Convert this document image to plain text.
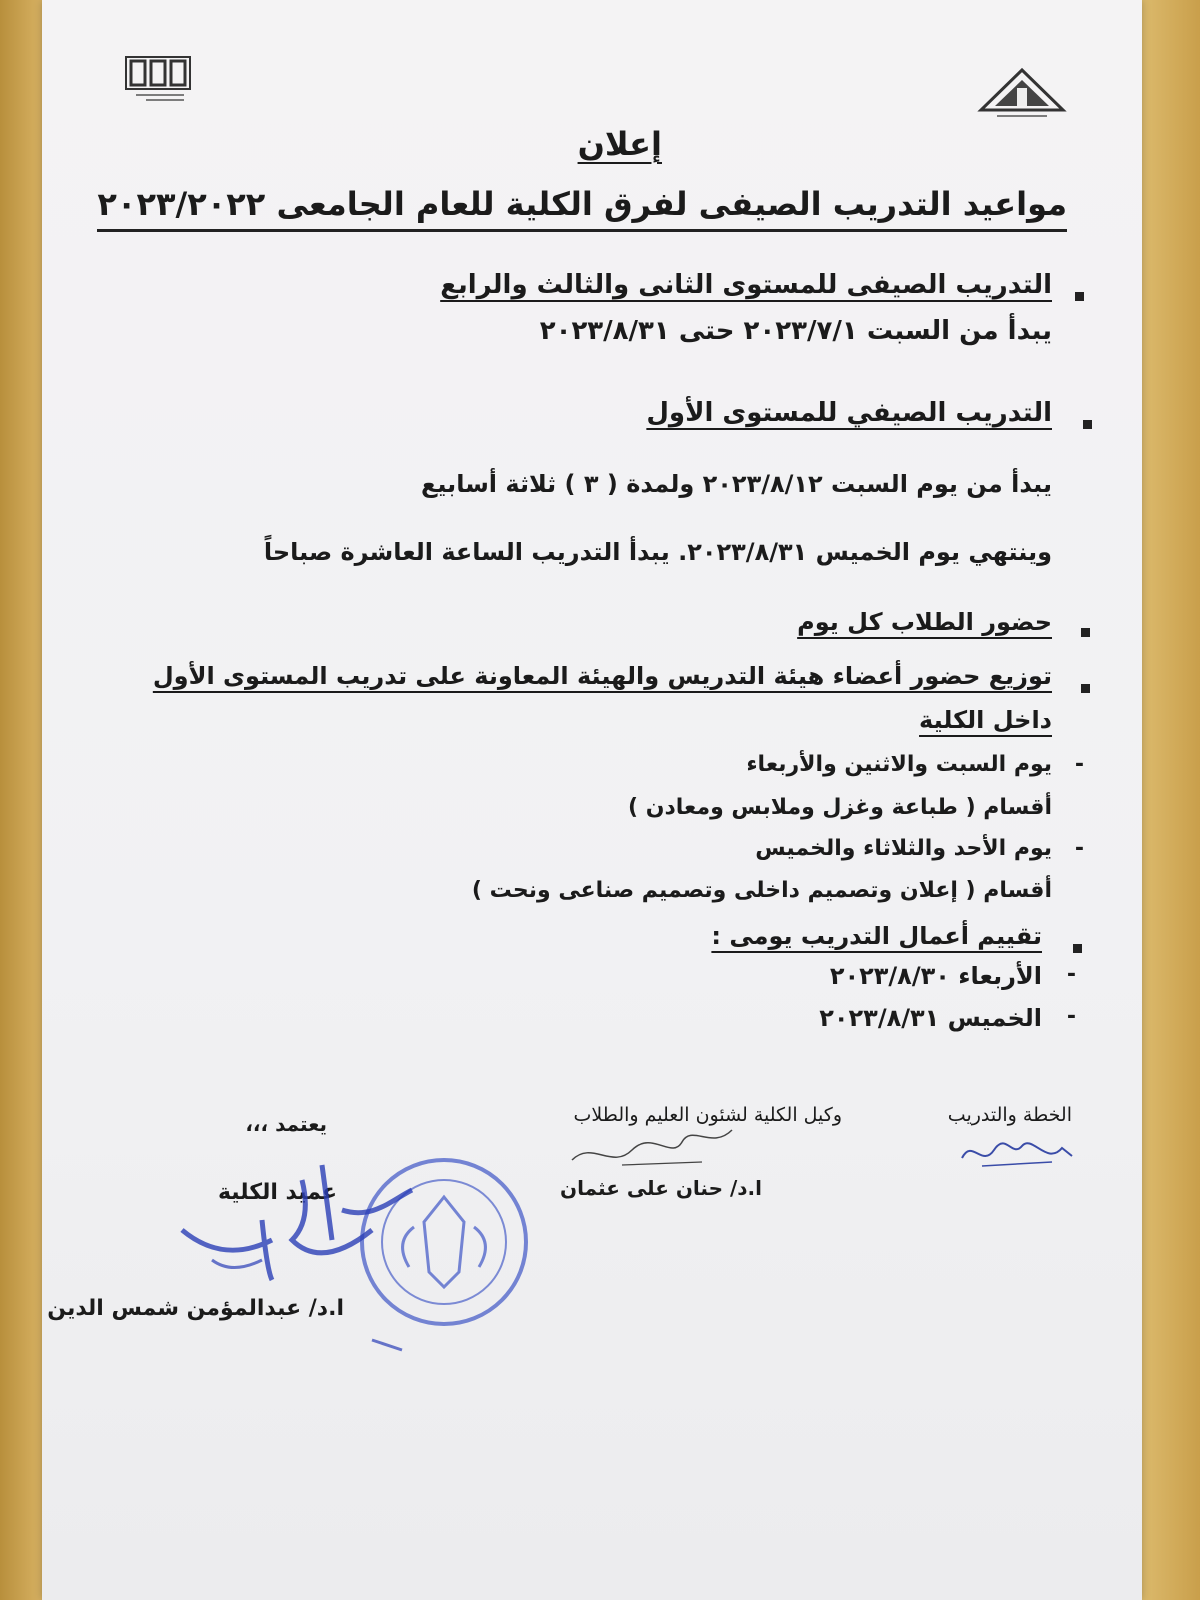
إعلان
مواعيد التدريب الصيفى لفرق الكلية للعام الجامعى ٢٠٢٣/٢٠٢٢
التدريب الصيفى للمستوى الثانى والثالث والرابع
يبدأ من السبت ٢٠٢٣/٧/١ حتى ٢٠٢٣/٨/٣١
التدريب الصيفي للمستوى الأول
يبدأ من يوم السبت ٢٠٢٣/٨/١٢ ولمدة ( ٣ ) ثلاثة أسابيع
وينتهي يوم الخميس ٢٠٢٣/٨/٣١. يبدأ التدريب الساعة العاشرة صباحاً
حضور الطلاب كل يوم
توزيع حضور أعضاء هيئة التدريس والهيئة المعاونة على تدريب المستوى الأول
داخل الكلية
-
يوم السبت والاثنين والأربعاء
أقسام ( طباعة وغزل وملابس ومعادن )
-
يوم الأحد والثلاثاء والخميس
أقسام ( إعلان وتصميم داخلى وتصميم صناعى ونحت )
تقييم أعمال التدريب يومى :
-
الأربعاء ٢٠٢٣/٨/٣٠
-
الخميس ٢٠٢٣/٨/٣١
الخطة والتدريب
وكيل الكلية لشئون العليم والطلاب
ا.د/ حنان على عثمان
يعتمد ،،،
عميد الكلية
ا.د/ عبدالمؤمن شمس الدين
